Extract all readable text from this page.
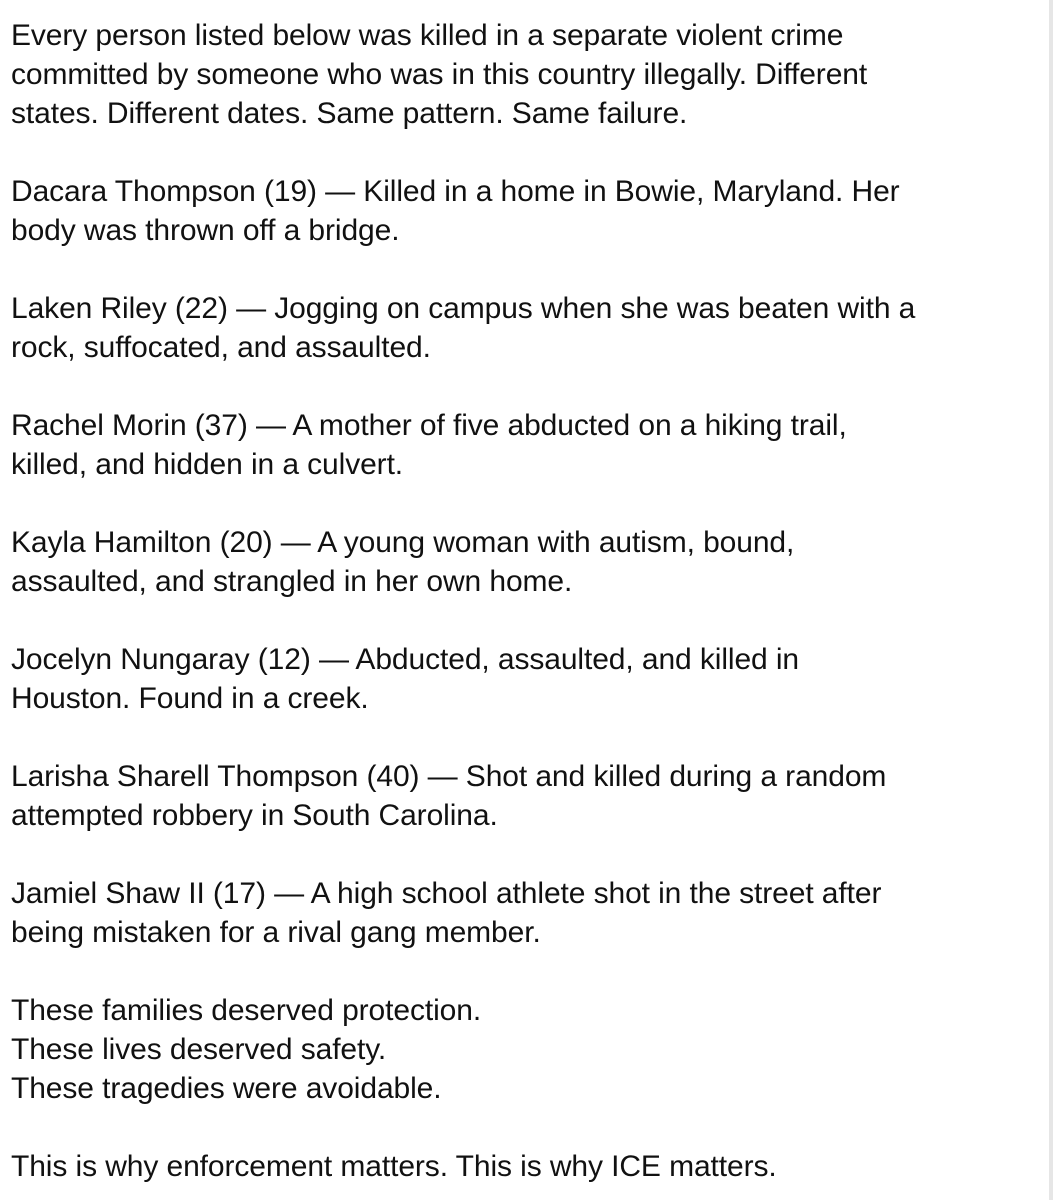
Every person listed below was killed in a separate violent crime
committed by someone who was in this country illegally. Different
states. Different dates. Same pattern. Same failure.

Dacara Thompson (19) — Killed in a home in Bowie, Maryland. Her
body was thrown off a bridge.

Laken Riley (22) — Jogging on campus when she was beaten with a
rock, suffocated, and assaulted.

Rachel Morin (37) — A mother of five abducted on a hiking trail,
killed, and hidden in a culvert.

Kayla Hamilton (20) — A young woman with autism, bound,
assaulted, and strangled in her own home.

Jocelyn Nungaray (12) — Abducted, assaulted, and killed in
Houston. Found in a creek.

Larisha Sharell Thompson (40) — Shot and killed during a random
attempted robbery in South Carolina.

Jamiel Shaw II (17) — A high school athlete shot in the street after
being mistaken for a rival gang member.

These families deserved protection.
These lives deserved safety.
These tragedies were avoidable.

This is why enforcement matters. This is why ICE matters.
